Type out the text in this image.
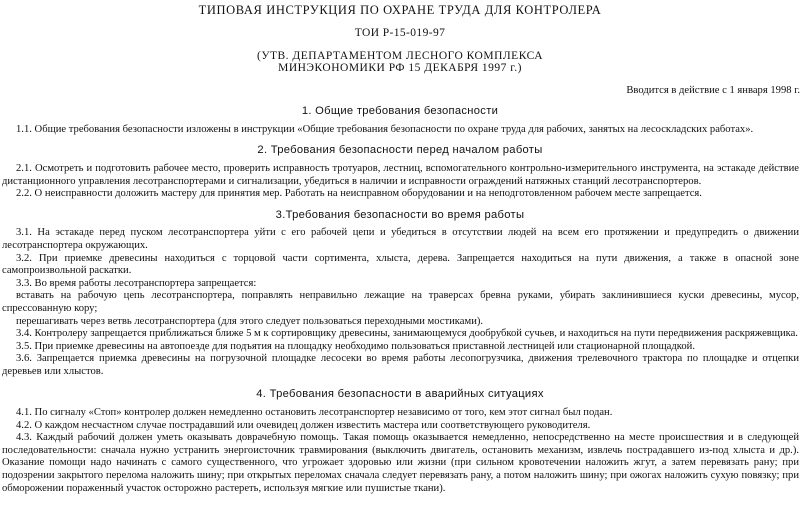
ТИПОВАЯ ИНСТРУКЦИЯ ПО ОХРАНЕ ТРУДА ДЛЯ КОНТРОЛЕРА
ТОИ Р-15-019-97
(УТВ. ДЕПАРТАМЕНТОМ ЛЕСНОГО КОМПЛЕКСА
МИНЭКОНОМИКИ РФ 15 ДЕКАБРЯ 1997 г.)
Вводится в действие с 1 января 1998 г.
1. Общие требования безопасности

1.1. Общие требования безопасности изложены в инструкции «Общие требования безопасности по охране труда для рабочих, занятых на лесоскладских работах».

2. Требования безопасности перед началом работы

2.1. Осмотреть и подготовить рабочее место, проверить исправность тротуаров, лестниц, вспомогательного контрольно-измерительного инструмента, на эстакаде действие дистанционного управления лесотранспортерами и сигнализации, убедиться в наличии и исправности ограждений натяжных станций лесотранспортеров.

2.2. О неисправности доложить мастеру для принятия мер. Работать на неисправном оборудовании и на неподготовленном рабочем месте запрещается.

3.Требования безопасности во время работы

3.1. На эстакаде перед пуском лесотранспортера уйти с его рабочей цепи и убедиться в отсутствии людей на всем его протяжении и предупредить о движении лесотранспортера окружающих.

3.2. При приемке древесины находиться с торцовой части сортимента, хлыста, дерева. Запрещается находиться на пути движения, а также в опасной зоне самопроизвольной раскатки.

3.3. Во время работы лесотранспортера запрещается:

вставать на рабочую цепь лесотранспортера, поправлять неправильно лежащие на траверсах бревна руками, убирать заклинившиеся куски древесины, мусор, спрессованную кору;

перешагивать через ветвь лесотранспортера (для этого следует пользоваться переходными мостиками).

3.4. Контролеру запрещается приближаться ближе 5 м к сортировщику древесины, занимающемуся дообрубкой сучьев, и находиться на пути передвижения раскряжевщика.

3.5. При приемке древесины на автопоезде для подъятия на площадку необходимо пользоваться приставной лестницей или стационарной площадкой.

3.6. Запрещается приемка древесины на погрузочной площадке лесосеки во время работы лесопогрузчика, движения трелевочного трактора по площадке и отцепки деревьев или хлыстов.

4. Требования безопасности в аварийных ситуациях

4.1. По сигналу «Стоп» контролер должен немедленно остановить лесотранспортер независимо от того, кем этот сигнал был подан.

4.2. О каждом несчастном случае пострадавший или очевидец должен известить мастера или соответствующего руководителя.

4.3. Каждый рабочий должен уметь оказывать доврачебную помощь. Такая помощь оказывается немедленно, непосредственно на месте происшествия и в следующей последовательности: сначала нужно устранить энергоисточник травмирования (выключить двигатель, остановить механизм, извлечь пострадавшего из-под хлыста и др.). Оказание помощи надо начинать с самого существенного, что угрожает здоровью или жизни (при сильном кровотечении наложить жгут, а затем перевязать рану; при подозрении закрытого перелома наложить шину; при открытых переломах сначала следует перевязать рану, а потом наложить шину; при ожогах наложить сухую повязку; при обморожении пораженный участок осторожно растереть, используя мягкие или пушистые ткани).
